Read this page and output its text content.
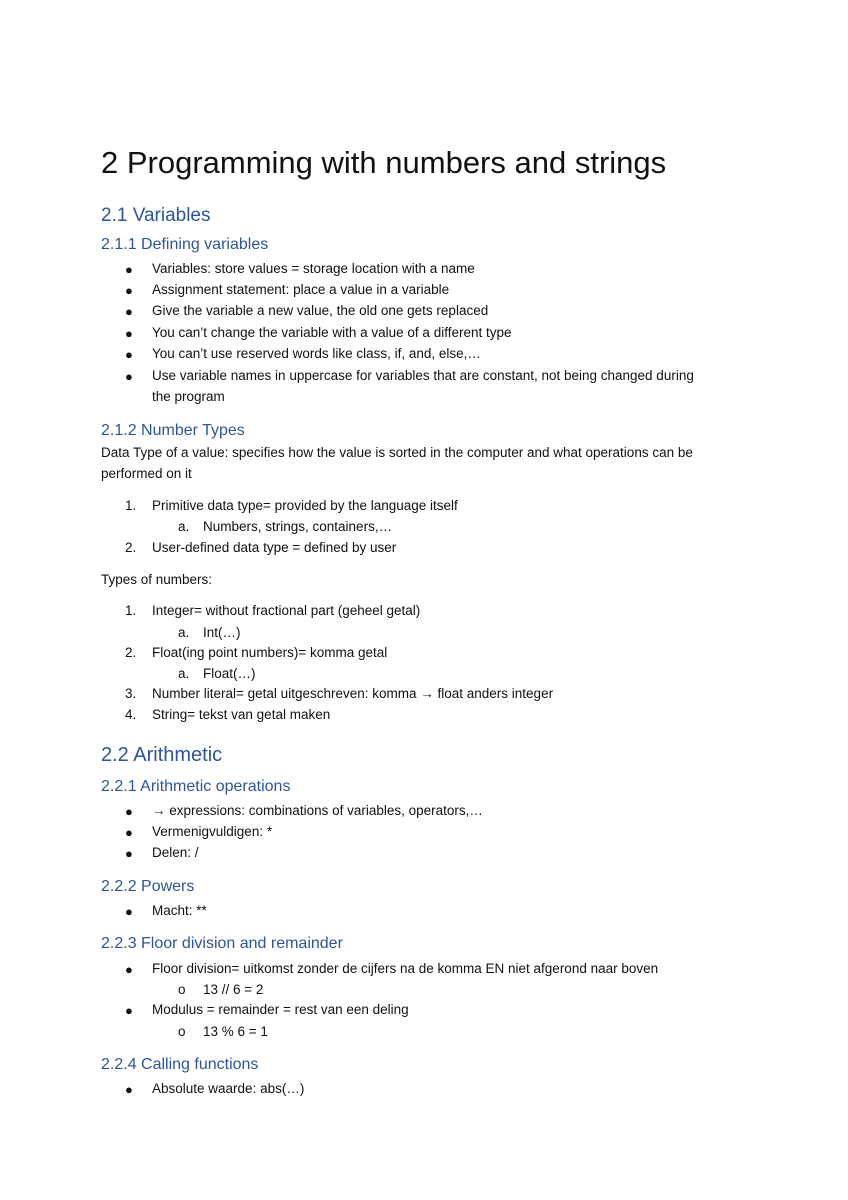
2 Programming with numbers and strings
2.1 Variables
2.1.1 Defining variables
● Variables: store values = storage location with a name
● Assignment statement: place a value in a variable
● Give the variable a new value, the old one gets replaced
● You can’t change the variable with a value of a different type
● You can’t use reserved words like class, if, and, else,…
● Use variable names in uppercase for variables that are constant, not being changed during
the program
2.1.2 Number Types
Data Type of a value: specifies how the value is sorted in the computer and what operations can be
performed on it
1. Primitive data type= provided by the language itself
a. Numbers, strings, containers,…
2. User-defined data type = defined by user
Types of numbers:
1. Integer= without fractional part (geheel getal)
a. Int(…)
2. Float(ing point numbers)= komma getal
a. Float(…)
3. Number literal= getal uitgeschreven: komma → float anders integer
4. String= tekst van getal maken
2.2 Arithmetic
2.2.1 Arithmetic operations
● → expressions: combinations of variables, operators,…
● Vermenigvuldigen: *
● Delen: /
2.2.2 Powers
● Macht: **
2.2.3 Floor division and remainder
● Floor division= uitkomst zonder de cijfers na de komma EN niet afgerond naar boven
o 13 // 6 = 2
● Modulus = remainder = rest van een deling
o 13 % 6 = 1
2.2.4 Calling functions
● Absolute waarde: abs(…)
